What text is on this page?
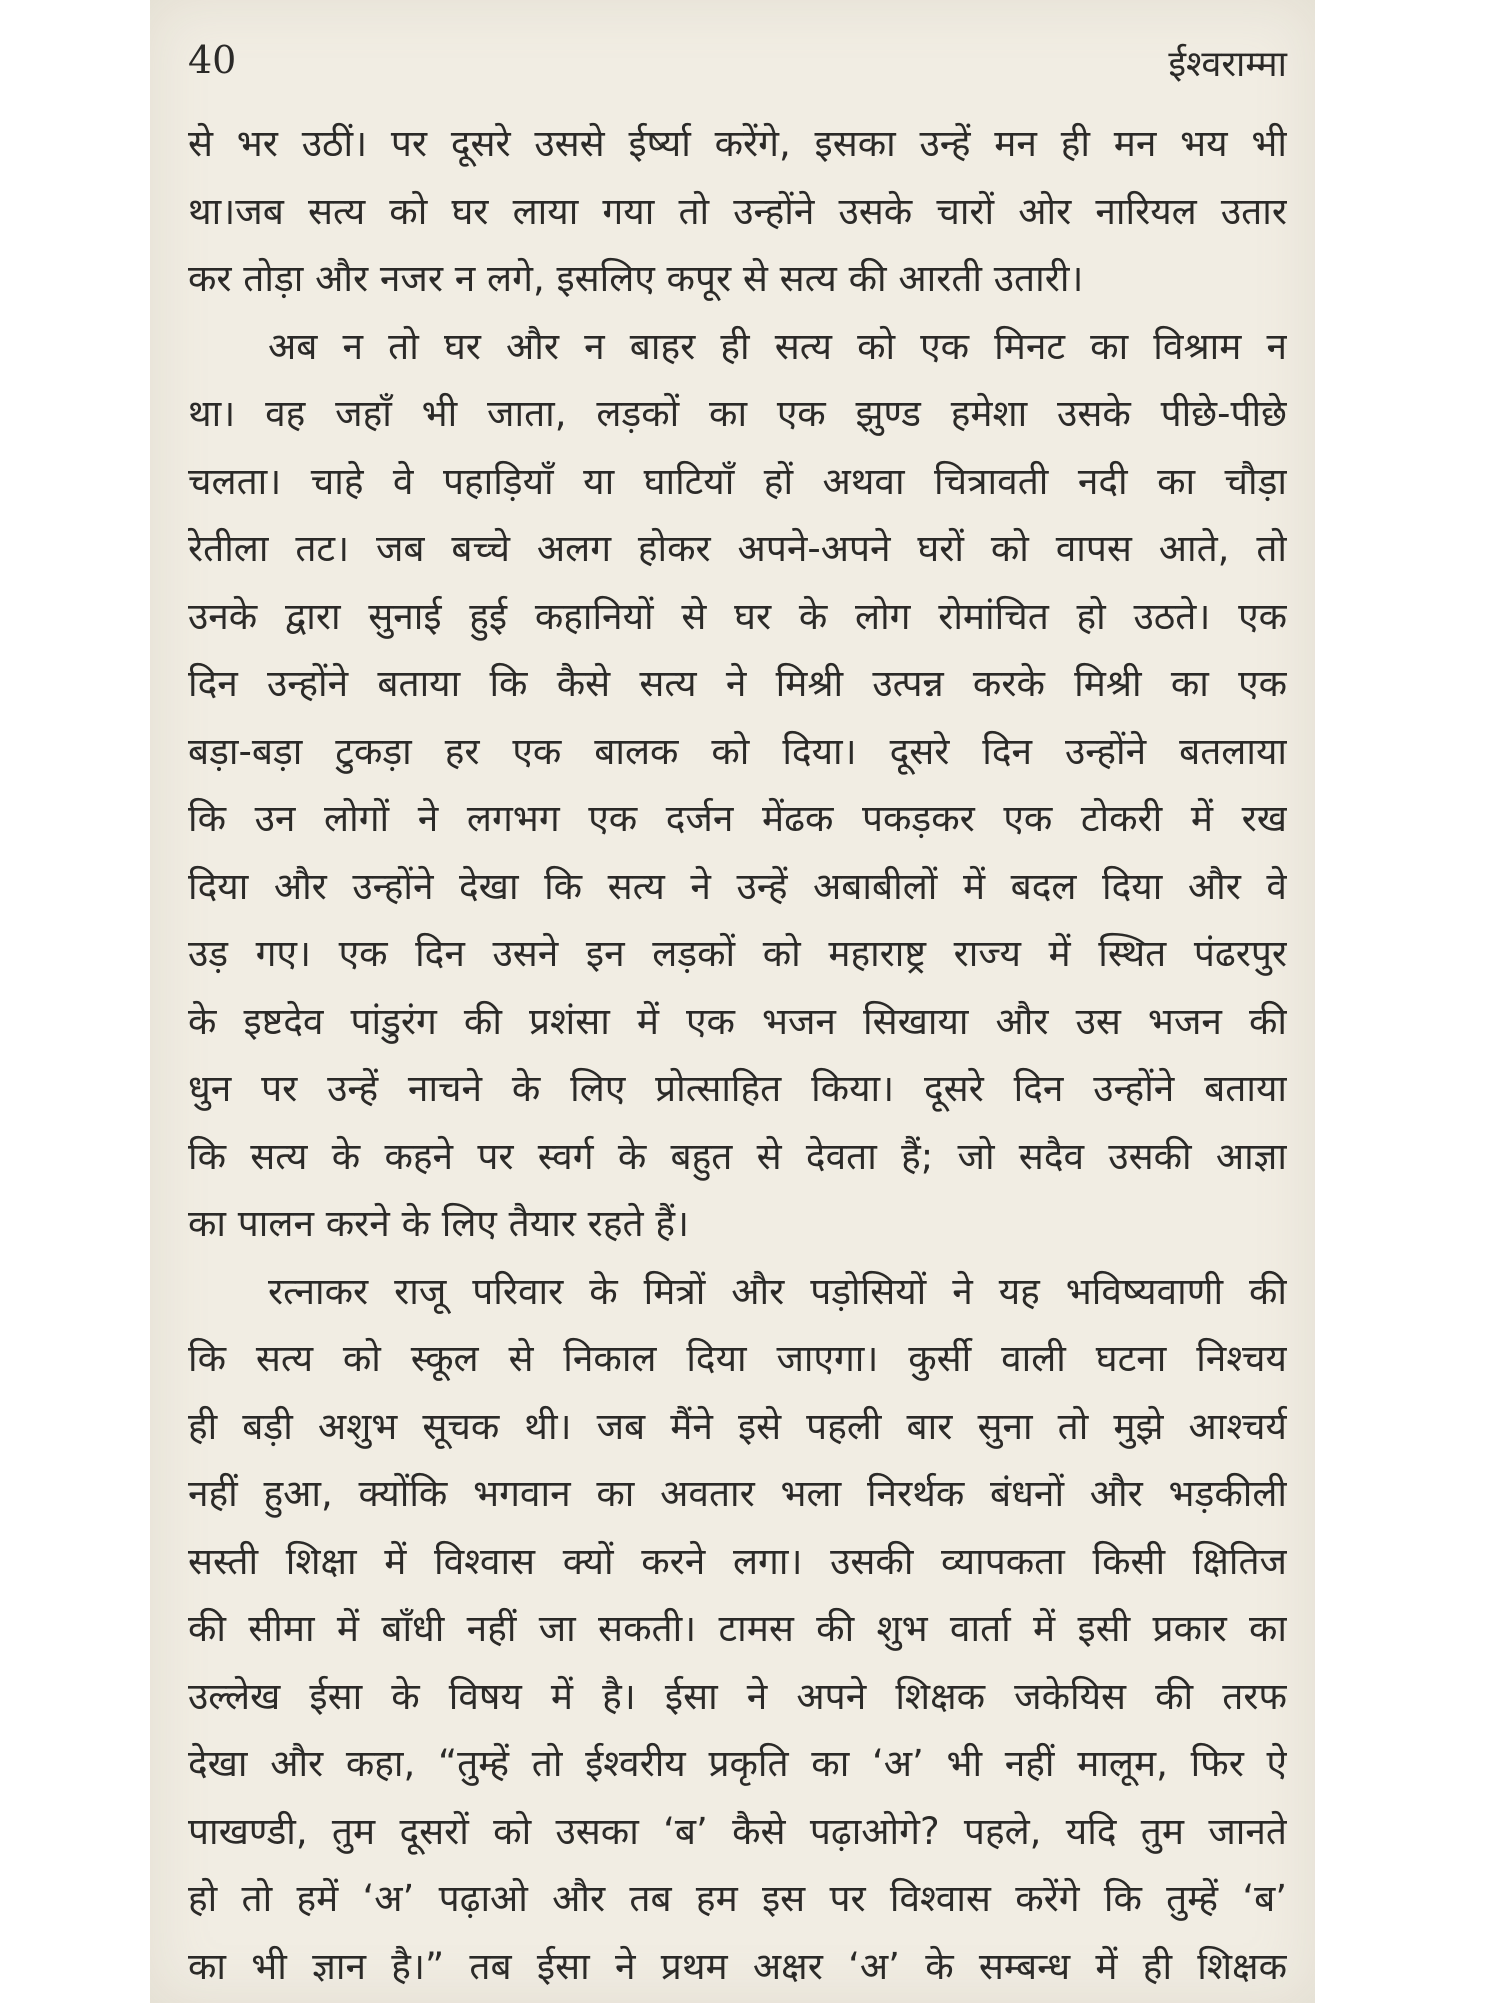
40	ईश्वराम्मा
से भर उठीं। पर दूसरे उससे ईर्ष्या करेंगे, इसका उन्हें मन ही मन भय भी
था।जब सत्य को घर लाया गया तो उन्होंने उसके चारों ओर नारियल उतार
कर तोड़ा और नजर न लगे, इसलिए कपूर से सत्य की आरती उतारी।
अब न तो घर और न बाहर ही सत्य को एक मिनट का विश्राम न
था। वह जहाँ भी जाता, लड़कों का एक झुण्ड हमेशा उसके पीछे-पीछे
चलता। चाहे वे पहाड़ियाँ या घाटियाँ हों अथवा चित्रावती नदी का चौड़ा
रेतीला तट। जब बच्चे अलग होकर अपने-अपने घरों को वापस आते, तो
उनके द्वारा सुनाई हुई कहानियों से घर के लोग रोमांचित हो उठते। एक
दिन उन्होंने बताया कि कैसे सत्य ने मिश्री उत्पन्न करके मिश्री का एक
बड़ा-बड़ा टुकड़ा हर एक बालक को दिया। दूसरे दिन उन्होंने बतलाया
कि उन लोगों ने लगभग एक दर्जन मेंढक पकड़कर एक टोकरी में रख
दिया और उन्होंने देखा कि सत्य ने उन्हें अबाबीलों में बदल दिया और वे
उड़ गए। एक दिन उसने इन लड़कों को महाराष्ट्र राज्य में स्थित पंढरपुर
के इष्टदेव पांडुरंग की प्रशंसा में एक भजन सिखाया और उस भजन की
धुन पर उन्हें नाचने के लिए प्रोत्साहित किया। दूसरे दिन उन्होंने बताया
कि सत्य के कहने पर स्वर्ग के बहुत से देवता हैं; जो सदैव उसकी आज्ञा
का पालन करने के लिए तैयार रहते हैं।
रत्नाकर राजू परिवार के मित्रों और पड़ोसियों ने यह भविष्यवाणी की
कि सत्य को स्कूल से निकाल दिया जाएगा। कुर्सी वाली घटना निश्चय
ही बड़ी अशुभ सूचक थी। जब मैंने इसे पहली बार सुना तो मुझे आश्चर्य
नहीं हुआ, क्योंकि भगवान का अवतार भला निरर्थक बंधनों और भड़कीली
सस्ती शिक्षा में विश्वास क्यों करने लगा। उसकी व्यापकता किसी क्षितिज
की सीमा में बाँधी नहीं जा सकती। टामस की शुभ वार्ता में इसी प्रकार का
उल्लेख ईसा के विषय में है। ईसा ने अपने शिक्षक जकेयिस की तरफ
देखा और कहा, “तुम्हें तो ईश्वरीय प्रकृति का ‘अ’ भी नहीं मालूम, फिर ऐ
पाखण्डी, तुम दूसरों को उसका ‘ब’ कैसे पढ़ाओगे? पहले, यदि तुम जानते
हो तो हमें ‘अ’ पढ़ाओ और तब हम इस पर विश्वास करेंगे कि तुम्हें ‘ब’
का भी ज्ञान है।” तब ईसा ने प्रथम अक्षर ‘अ’ के सम्बन्ध में ही शिक्षक
